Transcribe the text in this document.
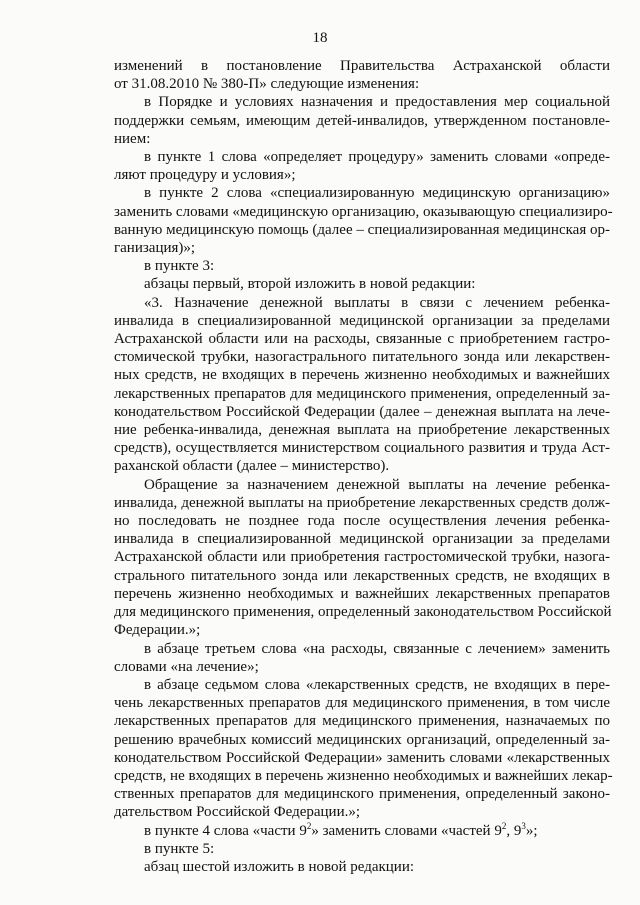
18

изменений в постановление Правительства Астраханской области
от 31.08.2010 № 380-П» следующие изменения:

в Порядке и условиях назначения и предоставления мер социальной
поддержки семьям, имеющим детей-инвалидов, утвержденном постановле-
нием:

в пункте 1 слова «определяет процедуру» заменить словами «опреде-
ляют процедуру и условия»;

в пункте 2 слова «специализированную медицинскую организацию»
заменить словами «медицинскую организацию, оказывающую специализиро-
ванную медицинскую помощь (далее – специализированная медицинская ор-
ганизация)»;

в пункте 3:

абзацы первый, второй изложить в новой редакции:

«3. Назначение денежной выплаты в связи с лечением ребенка-
инвалида в специализированной медицинской организации за пределами
Астраханской области или на расходы, связанные с приобретением гастро-
стомической трубки, назогастрального питательного зонда или лекарствен-
ных средств, не входящих в перечень жизненно необходимых и важнейших
лекарственных препаратов для медицинского применения, определенный за-
конодательством Российской Федерации (далее – денежная выплата на лече-
ние ребенка-инвалида, денежная выплата на приобретение лекарственных
средств), осуществляется министерством социального развития и труда Аст-
раханской области (далее – министерство).

Обращение за назначением денежной выплаты на лечение ребенка-
инвалида, денежной выплаты на приобретение лекарственных средств долж-
но последовать не позднее года после осуществления лечения ребенка-
инвалида в специализированной медицинской организации за пределами
Астраханской области или приобретения гастростомической трубки, назога-
стрального питательного зонда или лекарственных средств, не входящих в
перечень жизненно необходимых и важнейших лекарственных препаратов
для медицинского применения, определенный законодательством Российской
Федерации.»;

в абзаце третьем слова «на расходы, связанные с лечением» заменить
словами «на лечение»;

в абзаце седьмом слова «лекарственных средств, не входящих в пере-
чень лекарственных препаратов для медицинского применения, в том числе
лекарственных препаратов для медицинского применения, назначаемых по
решению врачебных комиссий медицинских организаций, определенный за-
конодательством Российской Федерации» заменить словами «лекарственных
средств, не входящих в перечень жизненно необходимых и важнейших лекар-
ственных препаратов для медицинского применения, определенный законо-
дательством Российской Федерации.»;

в пункте 4 слова «части $9^2$» заменить словами «частей $9^2$, $9^3$»;

в пункте 5:

абзац шестой изложить в новой редакции:
